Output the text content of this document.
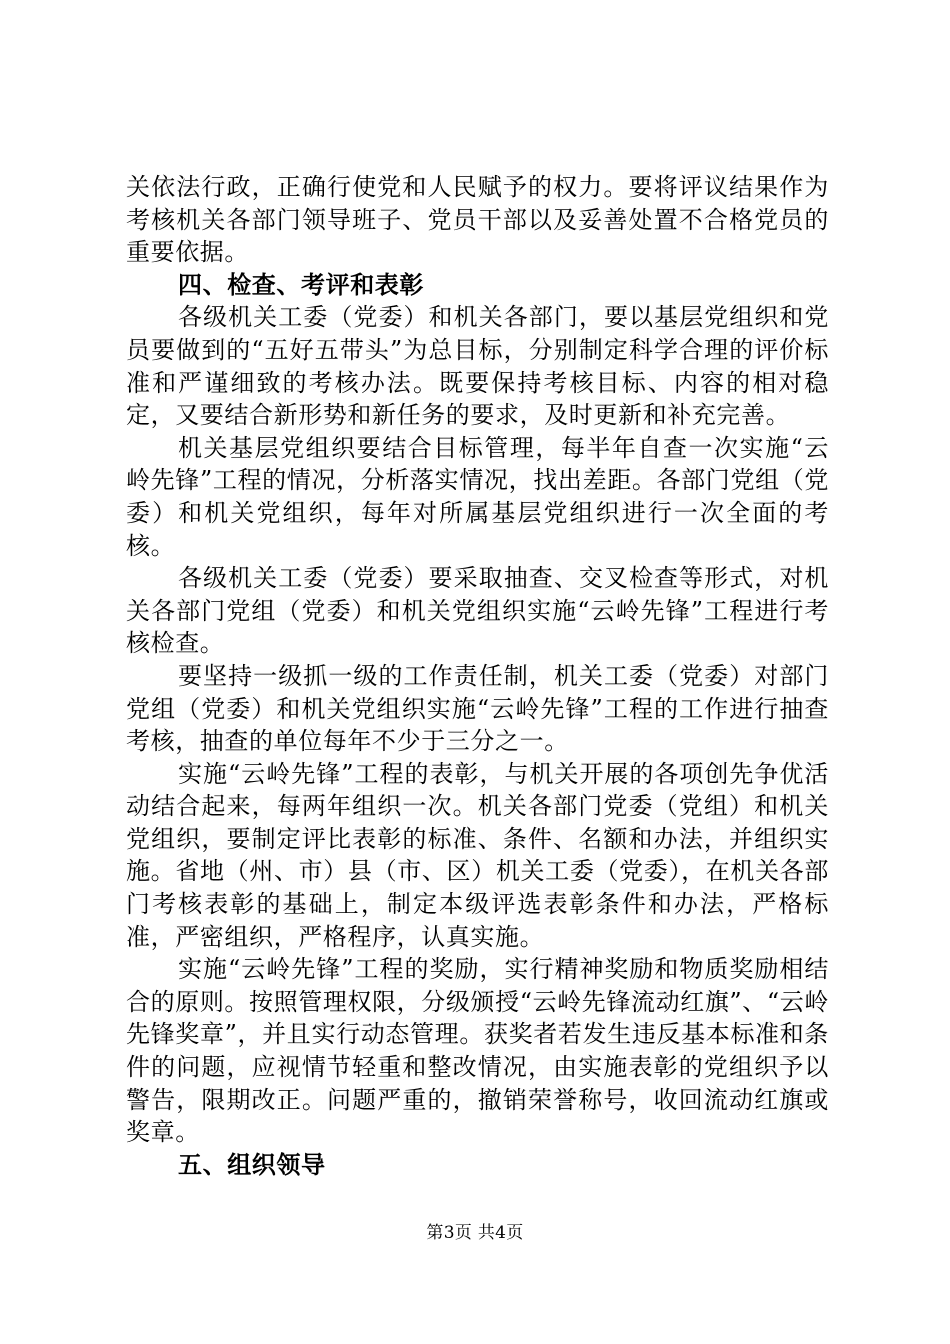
关依法行政，正确行使党和人民赋予的权力。要将评议结果作为考核机关各部门领导班子、党员干部以及妥善处置不合格党员的重要依据。

四、检查、考评和表彰

各级机关工委（党委）和机关各部门，要以基层党组织和党员要做到的“五好五带头”为总目标，分别制定科学合理的评价标准和严谨细致的考核办法。既要保持考核目标、内容的相对稳定，又要结合新形势和新任务的要求，及时更新和补充完善。

机关基层党组织要结合目标管理，每半年自查一次实施“云岭先锋”工程的情况，分析落实情况，找出差距。各部门党组（党委）和机关党组织，每年对所属基层党组织进行一次全面的考核。

各级机关工委（党委）要采取抽查、交叉检查等形式，对机关各部门党组（党委）和机关党组织实施“云岭先锋”工程进行考核检查。

要坚持一级抓一级的工作责任制，机关工委（党委）对部门党组（党委）和机关党组织实施“云岭先锋”工程的工作进行抽查考核，抽查的单位每年不少于三分之一。

实施“云岭先锋”工程的表彰，与机关开展的各项创先争优活动结合起来，每两年组织一次。机关各部门党委（党组）和机关党组织，要制定评比表彰的标准、条件、名额和办法，并组织实施。省地（州、市）县（市、区）机关工委（党委），在机关各部门考核表彰的基础上，制定本级评选表彰条件和办法，严格标准，严密组织，严格程序，认真实施。

实施“云岭先锋”工程的奖励，实行精神奖励和物质奖励相结合的原则。按照管理权限，分级颁授“云岭先锋流动红旗”、“云岭先锋奖章”，并且实行动态管理。获奖者若发生违反基本标准和条件的问题，应视情节轻重和整改情况，由实施表彰的党组织予以警告，限期改正。问题严重的，撤销荣誉称号，收回流动红旗或奖章。

五、组织领导

第3页 共4页
